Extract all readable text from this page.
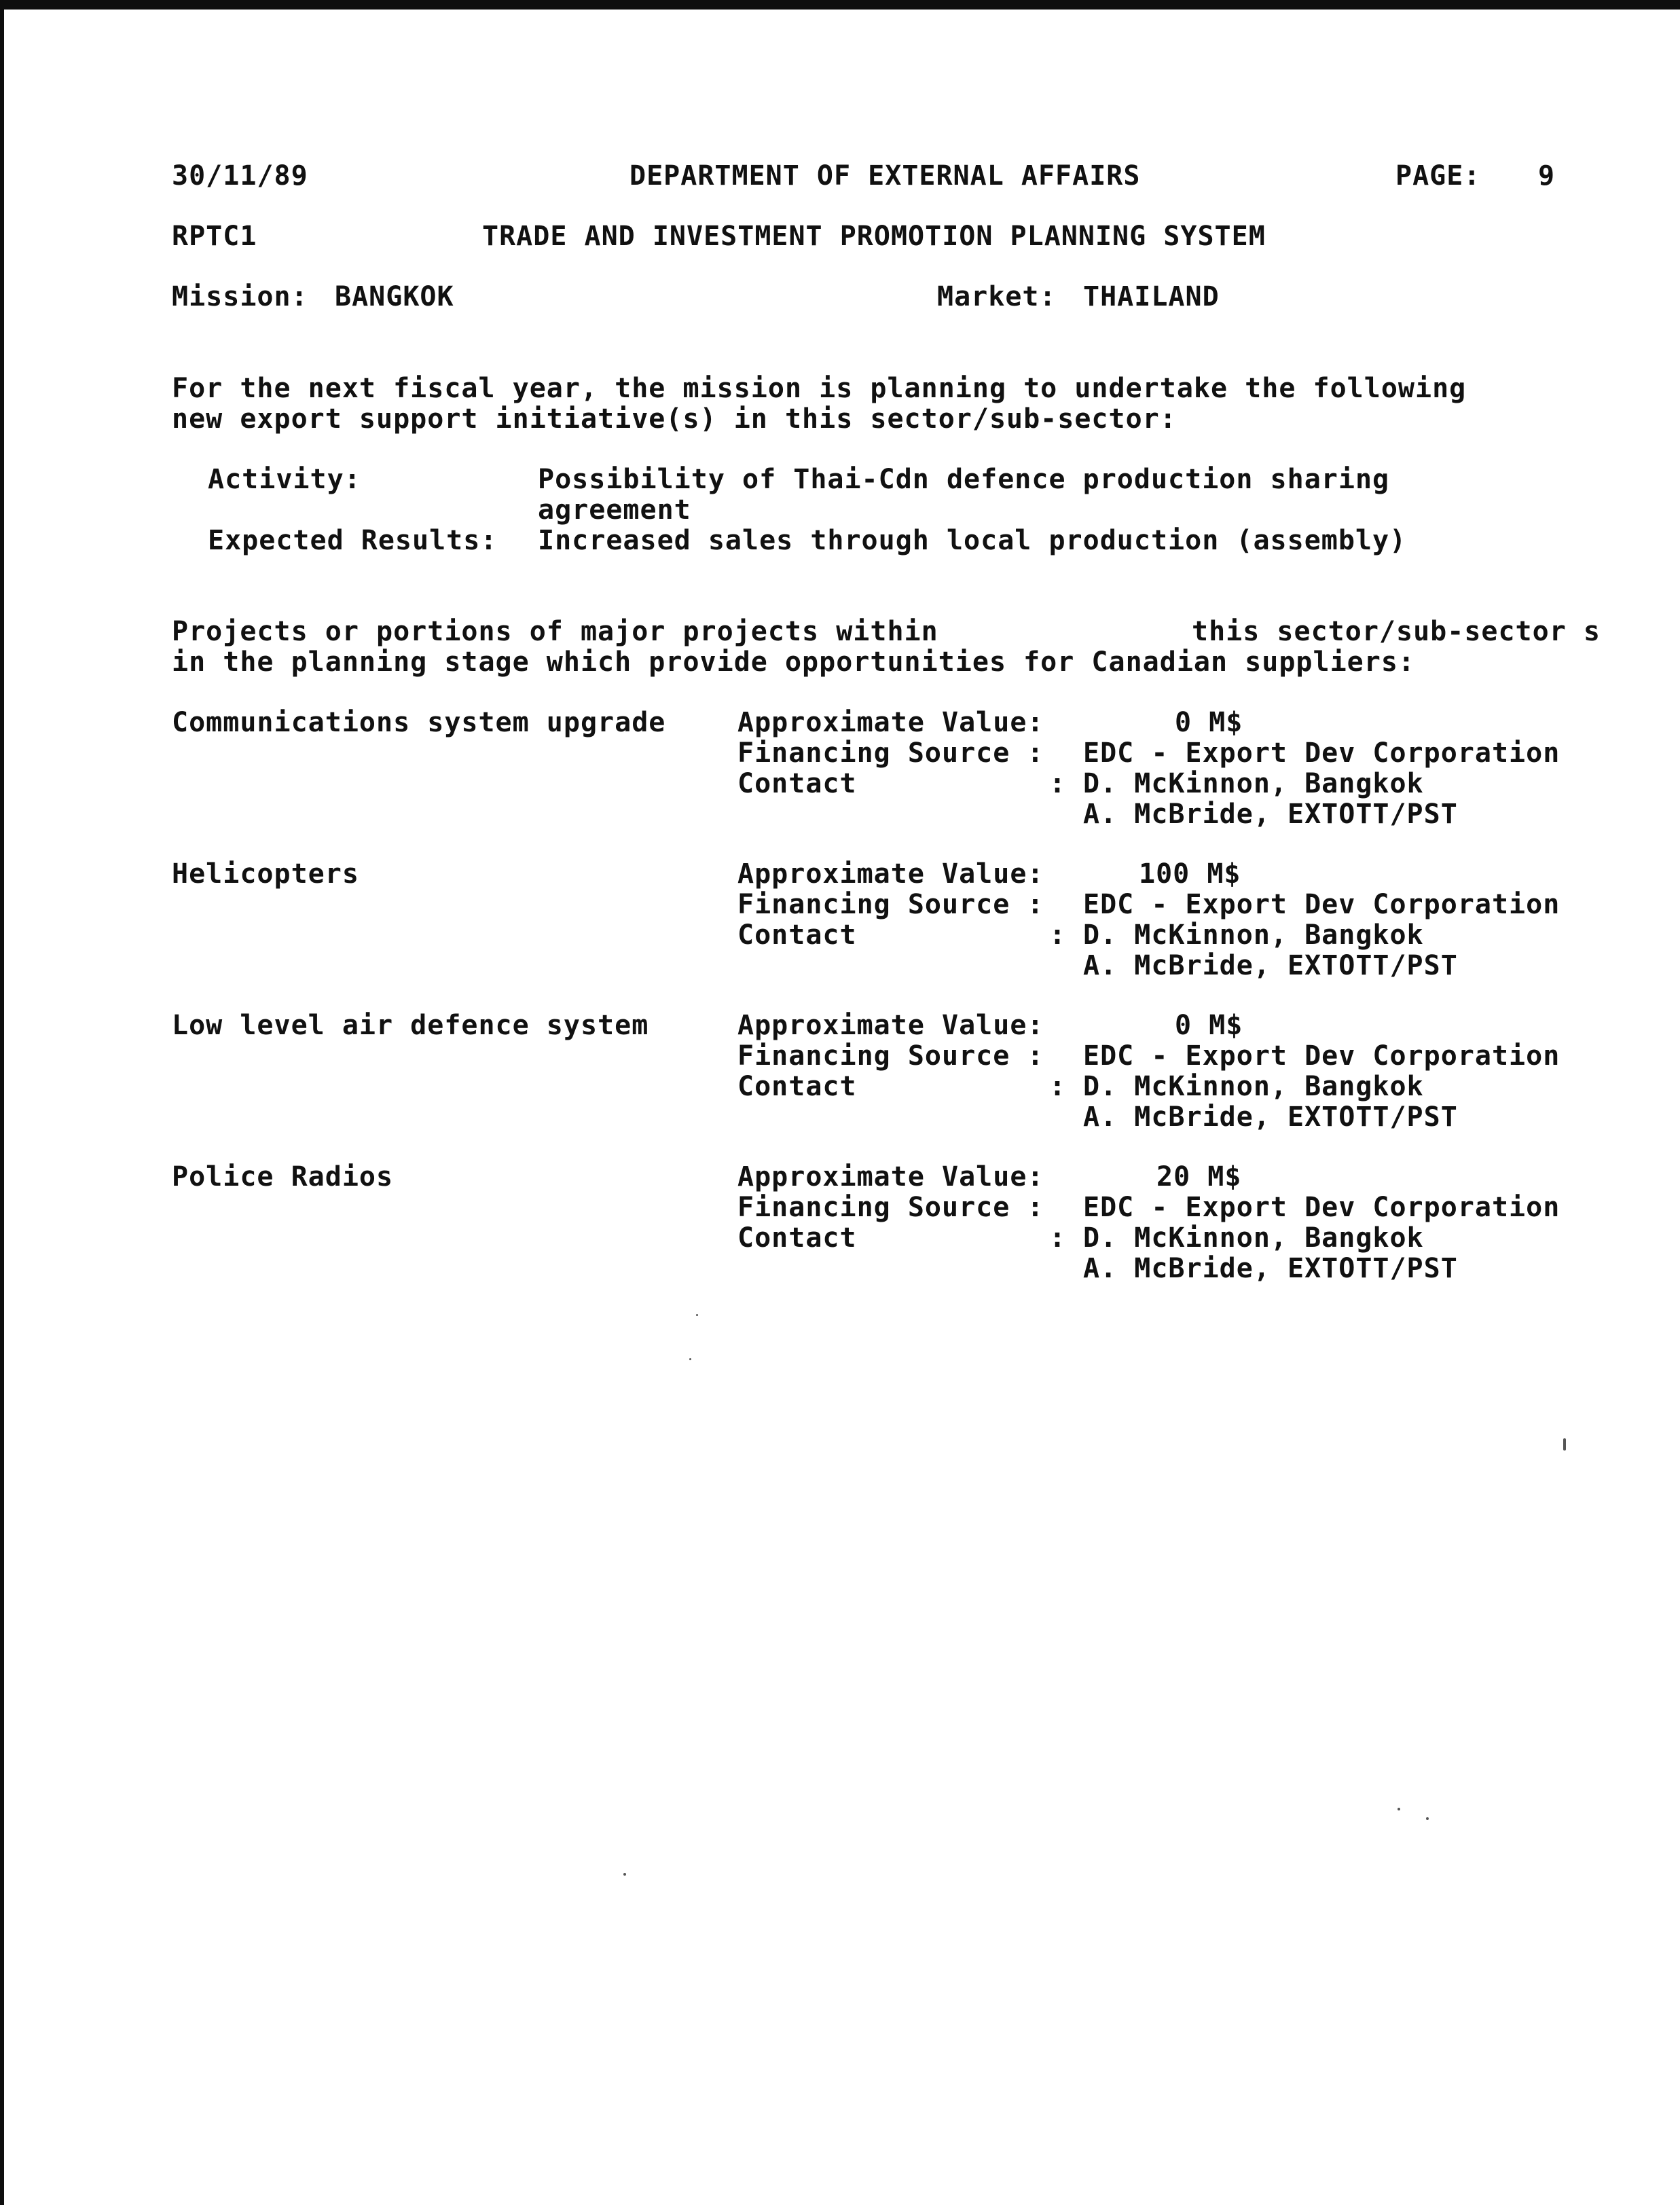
30/11/89	DEPARTMENT OF EXTERNAL AFFAIRS	PAGE: 9
RPTC1	TRADE AND INVESTMENT PROMOTION PLANNING SYSTEM
Mission: BANGKOK	Market: THAILAND
For the next fiscal year, the mission is planning to undertake the following
new export support initiative(s) in this sector/sub-sector:
Activity:	Possibility of Thai-Cdn defence production sharing
agreement
Expected Results: Increased sales through local production (assembly)
Projects or portions of major projects within	this sector/sub-sector s
in the planning stage which provide opportunities for Canadian suppliers:
Communications system upgrade	Approximate Value:	0 M$
Financing Source : EDC - Export Dev Corporation
Contact	: D. McKinnon, Bangkok
A. McBride, EXTOTT/PST
Helicopters	Approximate Value:	100 M$
Financing Source : EDC - Export Dev Corporation
Contact	: D. McKinnon, Bangkok
A. McBride, EXTOTT/PST
Low level air defence system	Approximate Value:	0 M$
Financing Source : EDC - Export Dev Corporation
Contact	: D. McKinnon, Bangkok
A. McBride, EXTOTT/PST
Police Radios	Approximate Value:	20 M$
Financing Source : EDC - Export Dev Corporation
Contact	: D. McKinnon, Bangkok
A. McBride, EXTOTT/PST
